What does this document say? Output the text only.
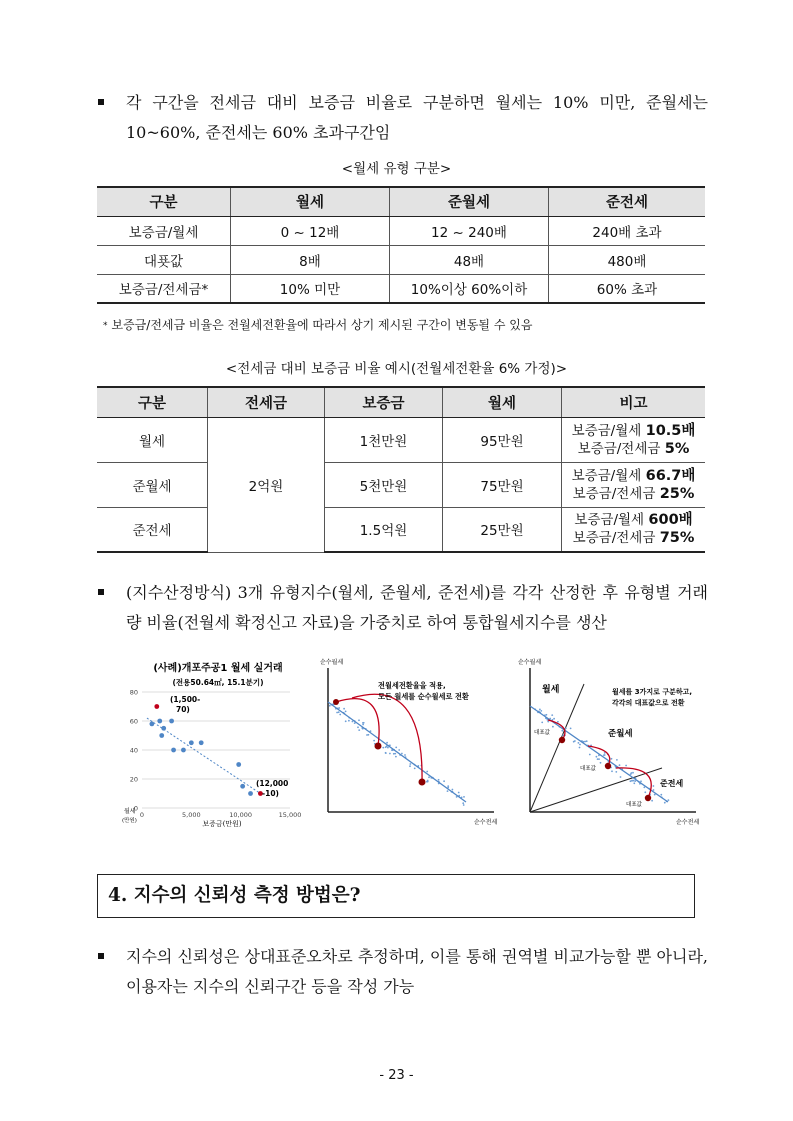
각 구간을 전세금 대비 보증금 비율로 구분하면 월세는 10% 미만, 준월세는 10~60%, 준전세는 60% 초과구간임
<월세 유형 구분>
구분	월세	준월세	준전세
보증금/월세	0 ~ 12배	12 ~ 240배	240배 초과
대푯값	8배	48배	480배
보증금/전세금*	10% 미만	10%이상 60%이하	60% 초과
* 보증금/전세금 비율은 전월세전환율에 따라서 상기 제시된 구간이 변동될 수 있음
<전세금 대비 보증금 비율 예시(전월세전환율 6% 가정)>
구분	전세금	보증금	월세	비고
월세	2억원	1천만원	95만원	보증금/월세 10.5배
보증금/전세금 5%

준월세		5천만원	75만원	보증금/월세 66.7배
보증금/전세금 25%

준전세		1.5억원	25만원	보증금/월세 600배
보증금/전세금 75%
(지수산정방식) 3개 유형지수(월세, 준월세, 준전세)를 각각 산정한 후 유형별 거래량 비율(전월세 확정신고 자료)을 가중치로 하여 통합월세지수를 생산
(사례)개포주공1 월세 실거래
(전용50.64㎡, 15.1분기)
0
20
40
60
80
0	5,000	10,000	15,000
(1,500-70)
(12,000 -10)
월세
(만원)	보증금(만원)
순수월세
순수전세
전월세전환율을 적용,
모든 월세를 순수월세로 전환
순수월세
순수전세
월세
준월세
준전세
대표값
대표값
대표값
월세를 3가지로 구분하고,
각각의 대표값으로 전환
4. 지수의 신뢰성 측정 방법은?
지수의 신뢰성은 상대표준오차로 추정하며, 이를 통해 권역별 비교가능할 뿐 아니라, 이용자는 지수의 신뢰구간 등을 작성 가능
- 23 -
